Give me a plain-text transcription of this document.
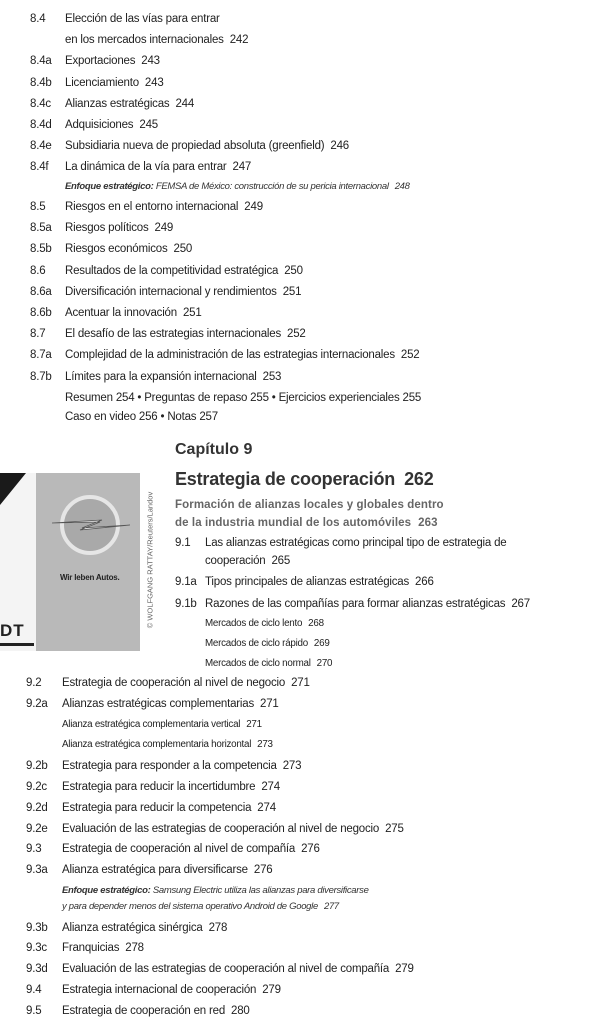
8.4 Elección de las vías para entrar
en los mercados internacionales 242
8.4a Exportaciones 243
8.4b Licenciamiento 243
8.4c Alianzas estratégicas 244
8.4d Adquisiciones 245
8.4e Subsidiaria nueva de propiedad absoluta (greenfield) 246
8.4f La dinámica de la vía para entrar 247
Enfoque estratégico: FEMSA de México: construcción de su pericia internacional 248
8.5 Riesgos en el entorno internacional 249
8.5a Riesgos políticos 249
8.5b Riesgos económicos 250
8.6 Resultados de la competitividad estratégica 250
8.6a Diversificación internacional y rendimientos 251
8.6b Acentuar la innovación 251
8.7 El desafío de las estrategias internacionales 252
8.7a Complejidad de la administración de las estrategias internacionales 252
8.7b Límites para la expansión internacional 253
Resumen 254 • Preguntas de repaso 255 • Ejercicios experienciales 255
Caso en video 256 • Notas 257
Capítulo 9
Estrategia de cooperación 262
Formación de alianzas locales y globales dentro
de la industria mundial de los automóviles 263
DT
Wir leben Autos.	© WOLFGANG RATTAY/Reuters/Landov 9.1 Las alianzas estratégicas como principal tipo de estrategia de
cooperación 265
9.1a Tipos principales de alianzas estratégicas 266
9.1b Razones de las compañías para formar alianzas estratégicas 267
Mercados de ciclo lento 268
Mercados de ciclo rápido 269
Mercados de ciclo normal 270
9.2 Estrategia de cooperación al nivel de negocio 271
9.2a Alianzas estratégicas complementarias 271
Alianza estratégica complementaria vertical 271
Alianza estratégica complementaria horizontal 273
9.2b Estrategia para responder a la competencia 273
9.2c Estrategia para reducir la incertidumbre 274
9.2d Estrategia para reducir la competencia 274
9.2e Evaluación de las estrategias de cooperación al nivel de negocio 275
9.3 Estrategia de cooperación al nivel de compañía 276
9.3a Alianza estratégica para diversificarse 276
Enfoque estratégico: Samsung Electric utiliza las alianzas para diversificarse
y para depender menos del sistema operativo Android de Google 277
9.3b Alianza estratégica sinérgica 278
9.3c Franquicias 278
9.3d Evaluación de las estrategias de cooperación al nivel de compañía 279
9.4 Estrategia internacional de cooperación 279
9.5 Estrategia de cooperación en red 280
